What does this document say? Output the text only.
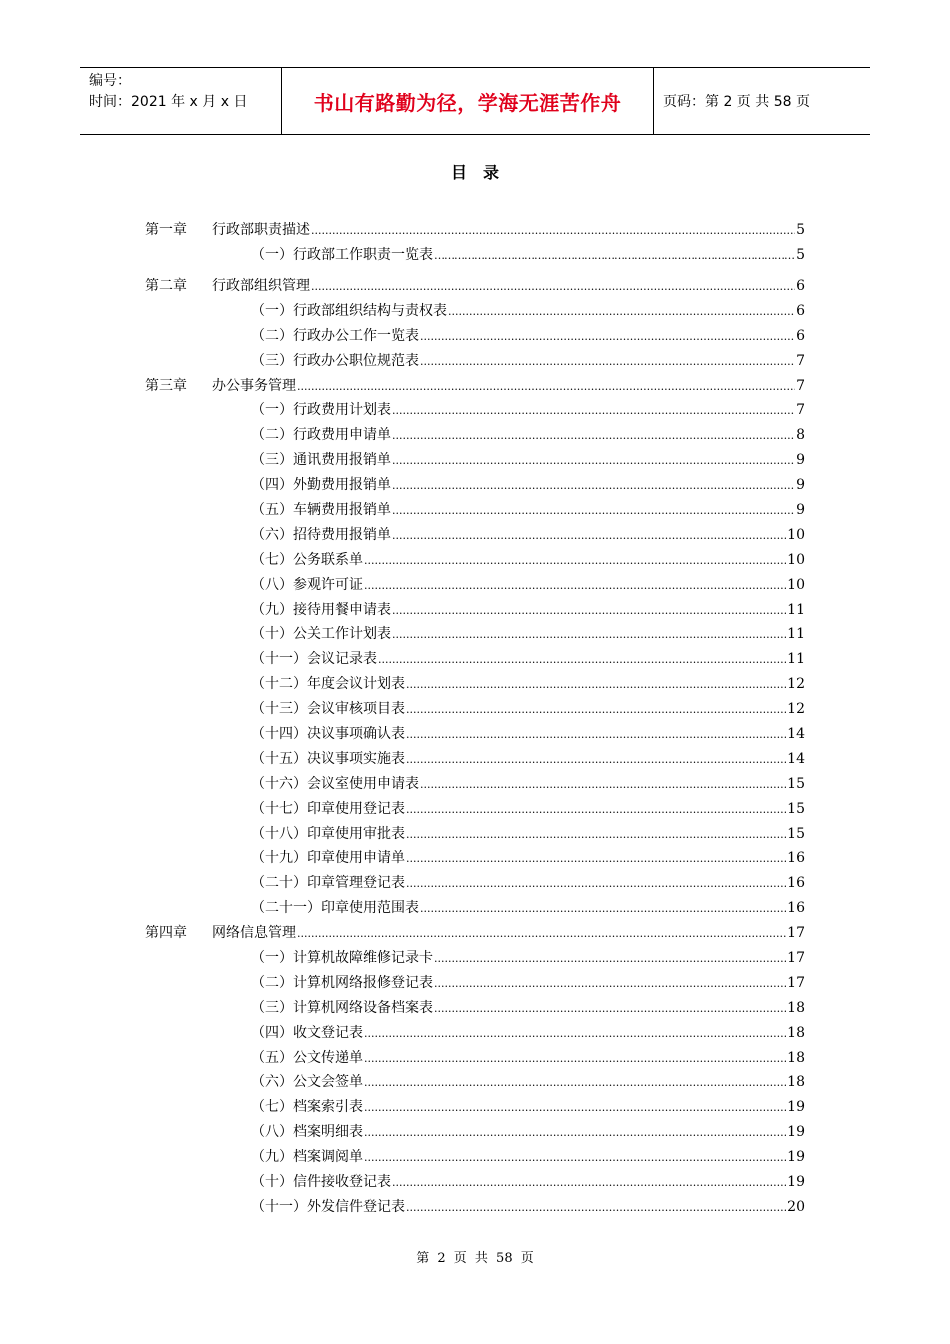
编号：
时间：2021 年 x 月 x 日	书山有路勤为径，学海无涯苦作舟	页码：第 2 页 共 58 页
目录
第一章	行政部职责描述 .....	5
（一）行政部工作职责一览表 ………………………………………………………………………………………………………………………………………	5
第二章	行政部组织管理 .....	6
（一）行政部组织结构与责权表 .....	6
（二）行政办公工作一览表 .....	6
（三）行政办公职位规范表 .....	7
第三章	办公事务管理 .....	7
（一）行政费用计划表 .....	7
（二）行政费用申请单 .....	8
（三）通讯费用报销单 .....	9
（四）外勤费用报销单 .....	9
（五）车辆费用报销单 .....	9
（六）招待费用报销单 .....	10
（七）公务联系单 .....	10
（八）参观许可证 .....	10
（九）接待用餐申请表 .....	11
（十）公关工作计划表 .....	11
（十一）会议记录表 .....	11
（十二）年度会议计划表 .....	12
（十三）会议审核项目表 .....	12
（十四）决议事项确认表 .....	14
（十五）决议事项实施表 .....	14
（十六）会议室使用申请表 .....	15
（十七）印章使用登记表 .....	15
（十八）印章使用审批表 .....	15
（十九）印章使用申请单 .....	16
（二十）印章管理登记表 .....	16
（二十一）印章使用范围表 .....	16
第四章	网络信息管理 .....	17
（一）计算机故障维修记录卡 .....	17
（二）计算机网络报修登记表 .....	17
（三）计算机网络设备档案表 .....	18
（四）收文登记表 .....	18
（五）公文传递单 .....	18
（六）公文会签单 .....	18
（七）档案索引表 .....	19
（八）档案明细表 .....	19
（九）档案调阅单 .....	19
（十）信件接收登记表 .....	19
（十一）外发信件登记表 .....	20
第 2 页 共 58 页
